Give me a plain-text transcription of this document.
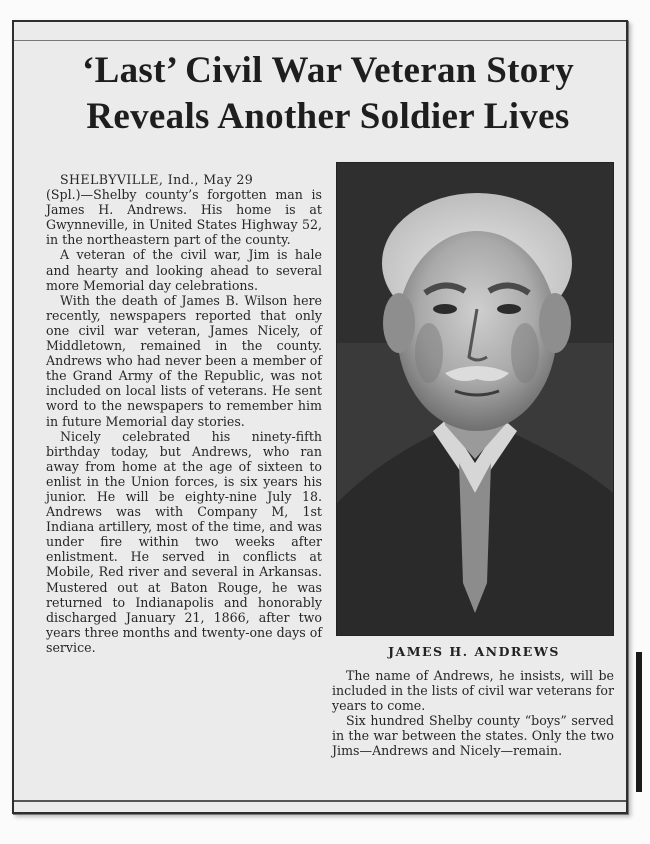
‘Last’ Civil War Veteran Story
Reveals Another Soldier Lives

SHELBYVILLE, Ind., May 29

(Spl.)—Shelby county’s forgotten man is James H. Andrews. His home is at Gwynneville, in United States Highway 52, in the northeastern part of the county.

A veteran of the civil war, Jim is hale and hearty and looking ahead to several more Memorial day celebrations.

With the death of James B. Wilson here recently, newspapers reported that only one civil war veteran, James Nicely, of Middletown, remained in the county. Andrews who had never been a member of the Grand Army of the Republic, was not included on local lists of veterans. He sent word to the newspapers to remember him in future Memorial day stories.

Nicely celebrated his ninety-fifth birthday today, but Andrews, who ran away from home at the age of sixteen to enlist in the Union forces, is six years his junior. He will be eighty-nine July 18. Andrews was with Company M, 1st Indiana artillery, most of the time, and was under fire within two weeks after enlistment. He served in conflicts at Mobile, Red river and several in Arkansas. Mustered out at Baton Rouge, he was returned to Indianapolis and honorably discharged January 21, 1866, after two years three months and twenty-one days of service.	JAMES H. ANDREWS

The name of Andrews, he insists, will be included in the lists of civil war veterans for years to come.

Six hundred Shelby county “boys” served in the war between the states. Only the two Jims—Andrews and Nicely—remain.
